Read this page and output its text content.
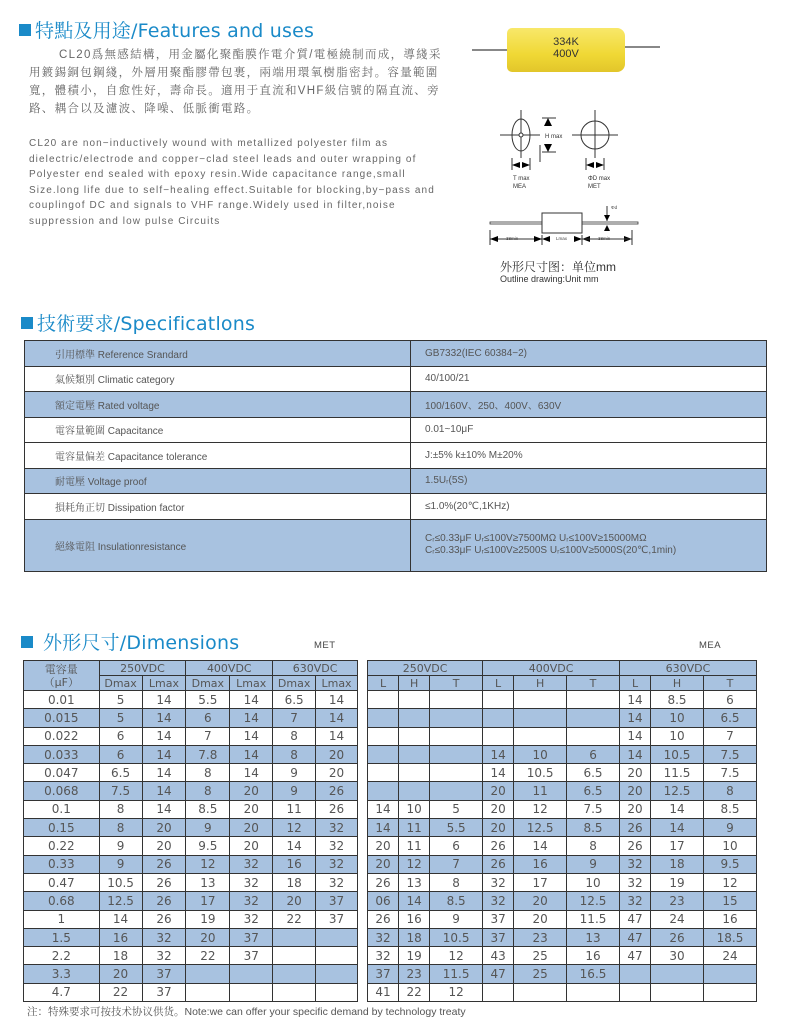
特點及用途/Features and uses
CL20爲無感結構，用金屬化聚酯膜作電介質/電極繞制而成，導綫采用鍍錫銅包鋼綫，外層用聚酯膠帶包裹，兩端用環氧樹脂密封。容量範圍寬，體積小，自愈性好，壽命長。適用于直流和VHF級信號的隔直流、旁路、耦合以及濾波、降噪、低脈衝電路。
CL20 are non−inductively wound with metallized polyester film as dielectric/electrode and copper−clad steel leads and outer wrapping of Polyester end sealed with epoxy resin.Wide capacitance range,small Size.long life due to self−healing effect.Suitable for blocking,by−pass and couplingof DC and signals to VHF range.Widely used in filter,noise suppression and low pulse Circuits
334K
400V
H max
T max
MEA
ΦD max
MET
38min	Lmax	38min
Φd
外形尺寸图：单位mm
Outline drawing:Unit mm
技術要求/Specificatlons
引用標準 Reference Srandard	GB7332(IEC 60384−2)
氣候類別 Climatic category	40/100/21
額定電壓 Rated voltage	100/160V、250、400V、630V
電容量範圍 Capacitance	0.01~10μF
電容量偏差 Capacitance tolerance	J:±5% k±10% M±20%
耐電壓 Voltage proof	1.5Uᵣ(5S)
損耗角正切 Dissipation factor	≤1.0%(20℃,1KHz)
絕緣電阻 Insulationresistance	Cᵣ≤0.33μF Uᵣ≤100V≥7500MΩ Uᵣ≤100V≥15000MΩ
Cᵣ≤0.33μF Uᵣ≤100V≥2500S Uᵣ≤100V≥5000S(20℃,1min)
外形尺寸/Dimensions	MET	MEA
電容量
（μF）	250VDC		400VDC		630VDC	
	Dmax	Lmax	Dmax	Lmax	Dmax	Lmax
0.01	5	14	5.5	14	6.5	14
0.015	5	14	6	14	7	14
0.022	6	14	7	14	8	14
0.033	6	14	7.8	14	8	20
0.047	6.5	14	8	14	9	20
0.068	7.5	14	8	20	9	26
0.1	8	14	8.5	20	11	26
0.15	8	20	9	20	12	32
0.22	9	20	9.5	20	14	32
0.33	9	26	12	32	16	32
0.47	10.5	26	13	32	18	32
0.68	12.5	26	17	32	20	37
1	14	26	19	32	22	37
1.5	16	32	20	37		
2.2	18	32	22	37		
3.3	20	37				
4.7	22	37				
250VDC			400VDC			630VDC		
L	H	T	L	H	T	L	H	T
						14	8.5	6
						14	10	6.5
						14	10	7
			14	10	6	14	10.5	7.5
			14	10.5	6.5	20	11.5	7.5
			20	11	6.5	20	12.5	8
14	10	5	20	12	7.5	20	14	8.5
14	11	5.5	20	12.5	8.5	26	14	9
20	11	6	26	14	8	26	17	10
20	12	7	26	16	9	32	18	9.5
26	13	8	32	17	10	32	19	12
06	14	8.5	32	20	12.5	32	23	15
26	16	9	37	20	11.5	47	24	16
32	18	10.5	37	23	13	47	26	18.5
32	19	12	43	25	16	47	30	24
37	23	11.5	47	25	16.5			
41	22	12						
注：特殊要求可按技术协议供货。Note:we can offer your specific demand by technology treaty
